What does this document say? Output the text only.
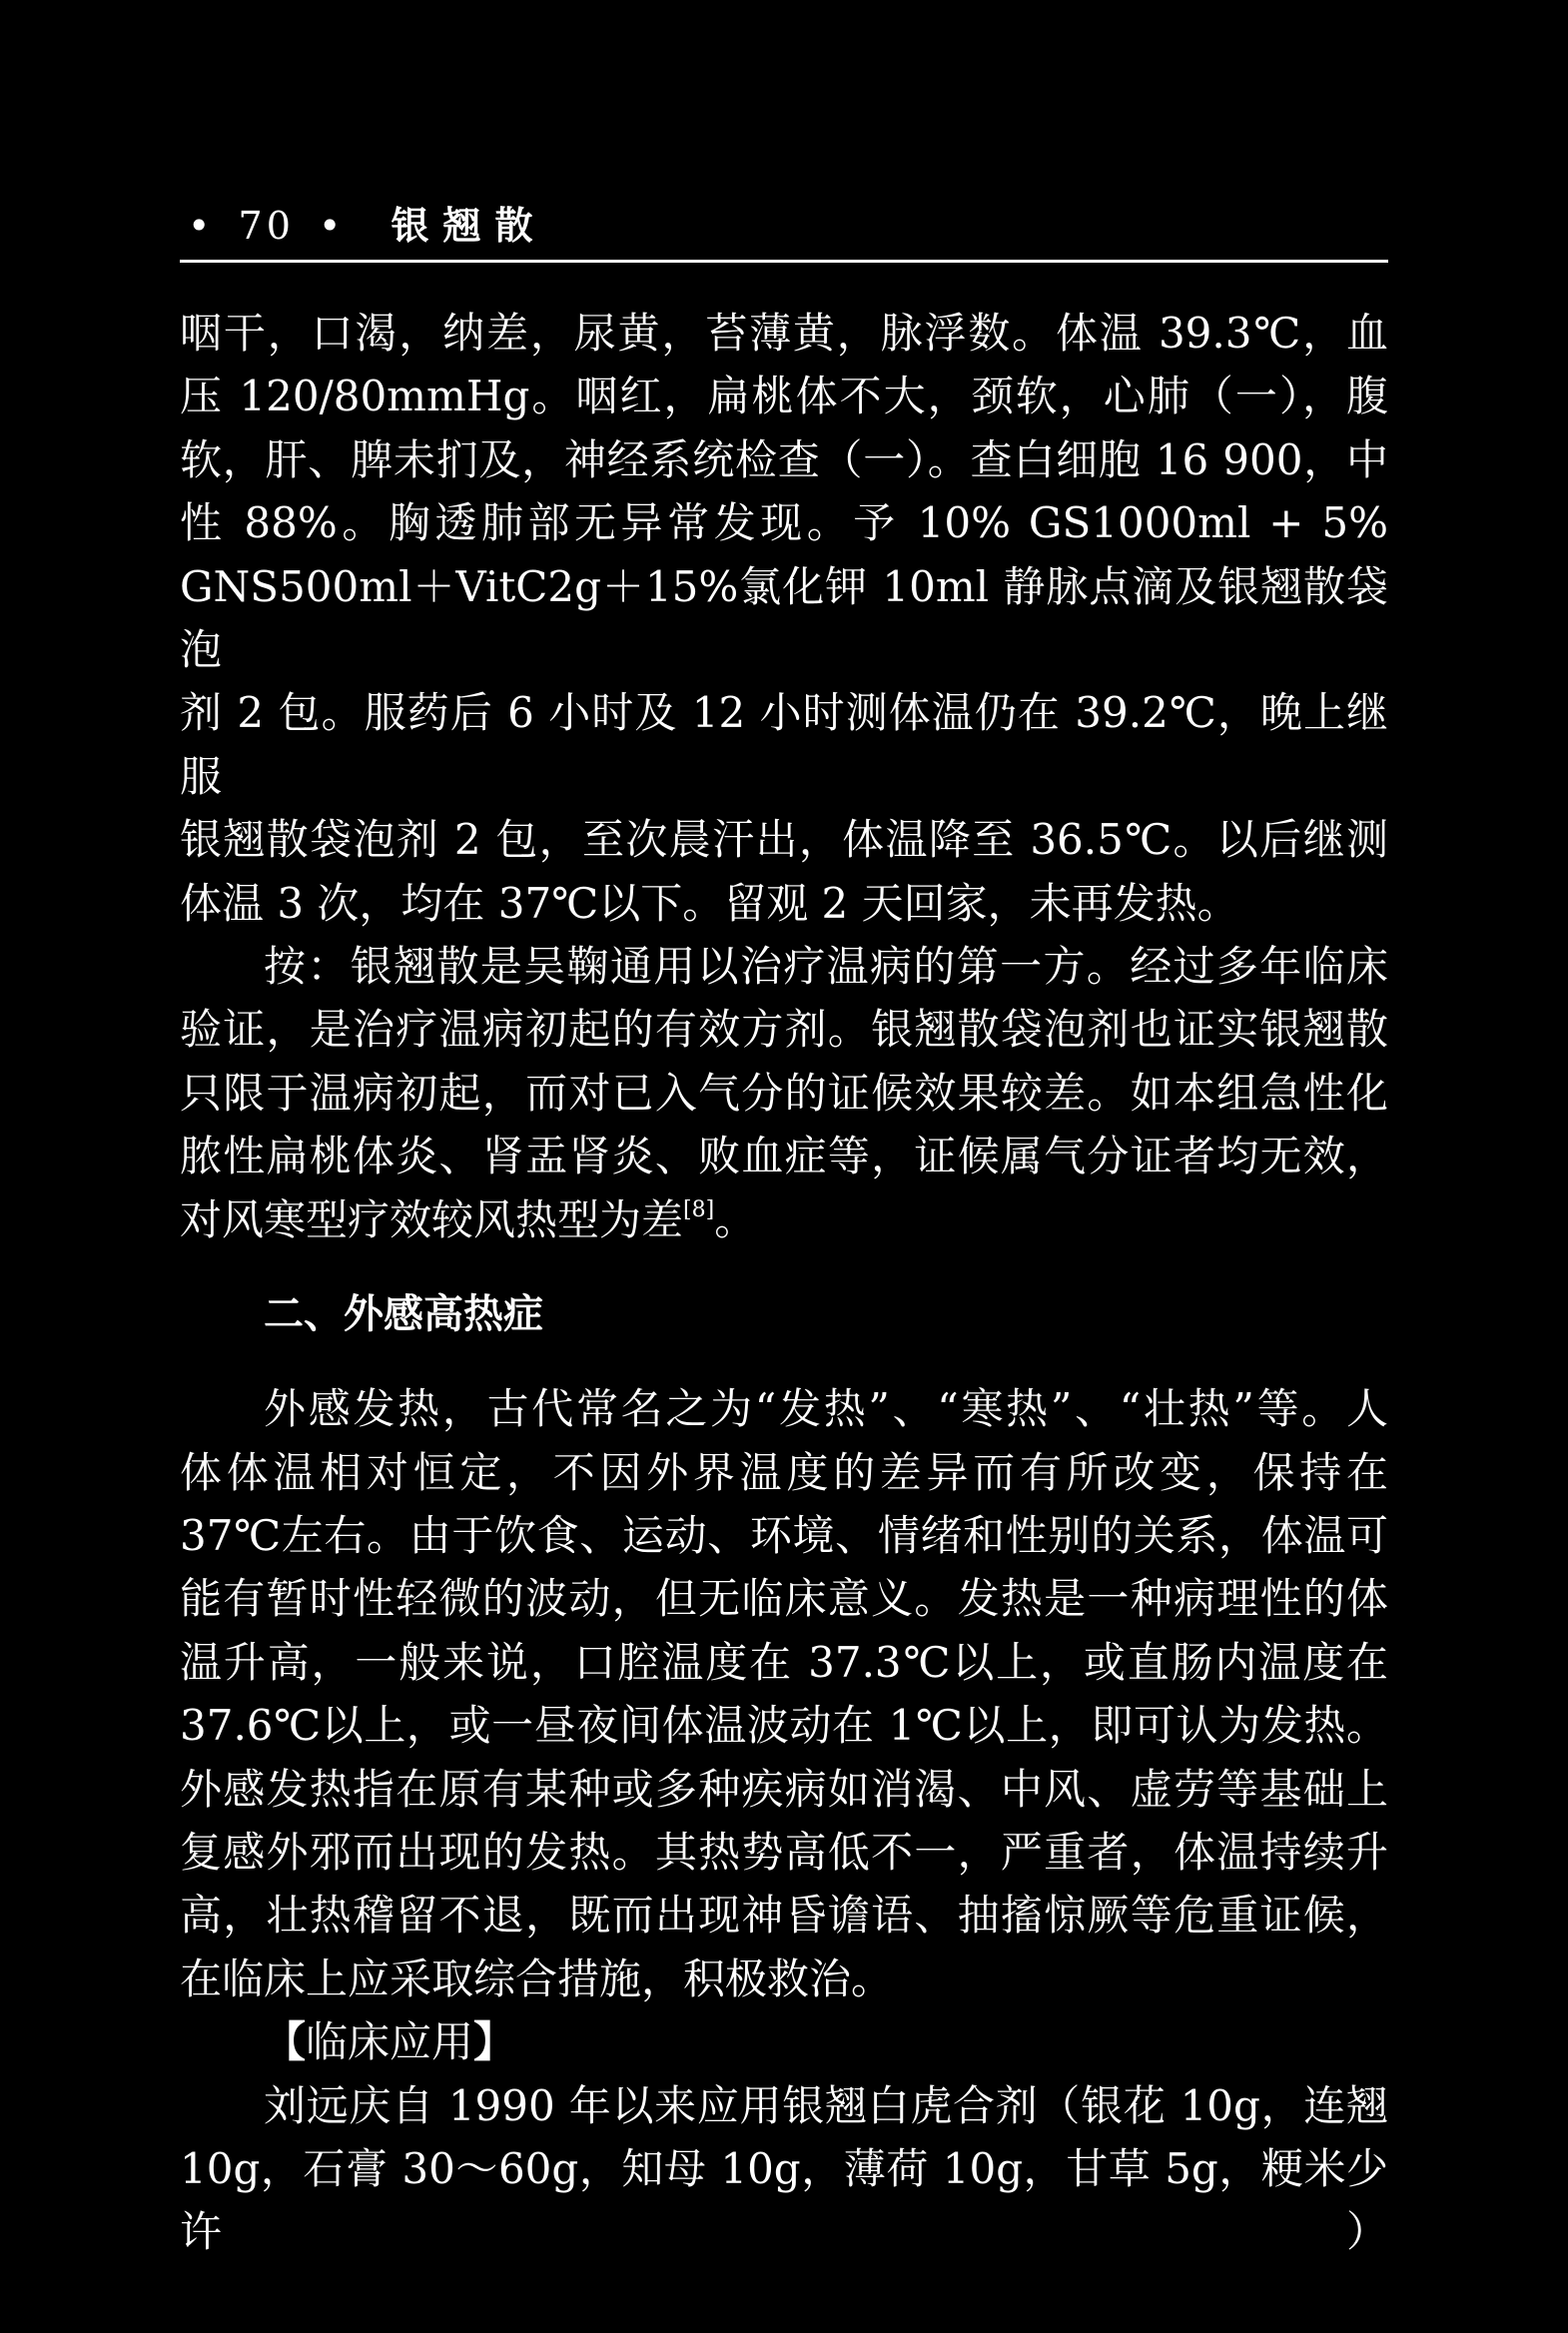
• 70 • 银翘散

咽干，口渴，纳差，尿黄，苔薄黄，脉浮数。体温 39.3℃，血

压 120/80mmHg。咽红，扁桃体不大，颈软，心肺（一），腹

软，肝、脾未扪及，神经系统检查（一）。查白细胞 16 900，中

性 88%。胸透肺部无异常发现。予 10% GS1000ml + 5%

GNS500ml＋VitC2g＋15%氯化钾 10ml 静脉点滴及银翘散袋泡

剂 2 包。服药后 6 小时及 12 小时测体温仍在 39.2℃，晚上继服

银翘散袋泡剂 2 包，至次晨汗出，体温降至 36.5℃。以后继测

体温 3 次，均在 37℃以下。留观 2 天回家，未再发热。

按：银翘散是吴鞠通用以治疗温病的第一方。经过多年临床

验证，是治疗温病初起的有效方剂。银翘散袋泡剂也证实银翘散

只限于温病初起，而对已入气分的证候效果较差。如本组急性化

脓性扁桃体炎、肾盂肾炎、败血症等，证候属气分证者均无效，

对风寒型疗效较风热型为差[8]。

二、外感高热症

外感发热，古代常名之为“发热”、“寒热”、“壮热”等。人

体体温相对恒定，不因外界温度的差异而有所改变，保持在

37℃左右。由于饮食、运动、环境、情绪和性别的关系，体温可

能有暂时性轻微的波动，但无临床意义。发热是一种病理性的体

温升高，一般来说，口腔温度在 37.3℃以上，或直肠内温度在

37.6℃以上，或一昼夜间体温波动在 1℃以上，即可认为发热。

外感发热指在原有某种或多种疾病如消渴、中风、虚劳等基础上

复感外邪而出现的发热。其热势高低不一，严重者，体温持续升

高，壮热稽留不退，既而出现神昏谵语、抽搐惊厥等危重证候，

在临床上应采取综合措施，积极救治。

【临床应用】

刘远庆自 1990 年以来应用银翘白虎合剂（银花 10g，连翘

10g，石膏 30～60g，知母 10g，薄荷 10g，甘草 5g，粳米少许）
